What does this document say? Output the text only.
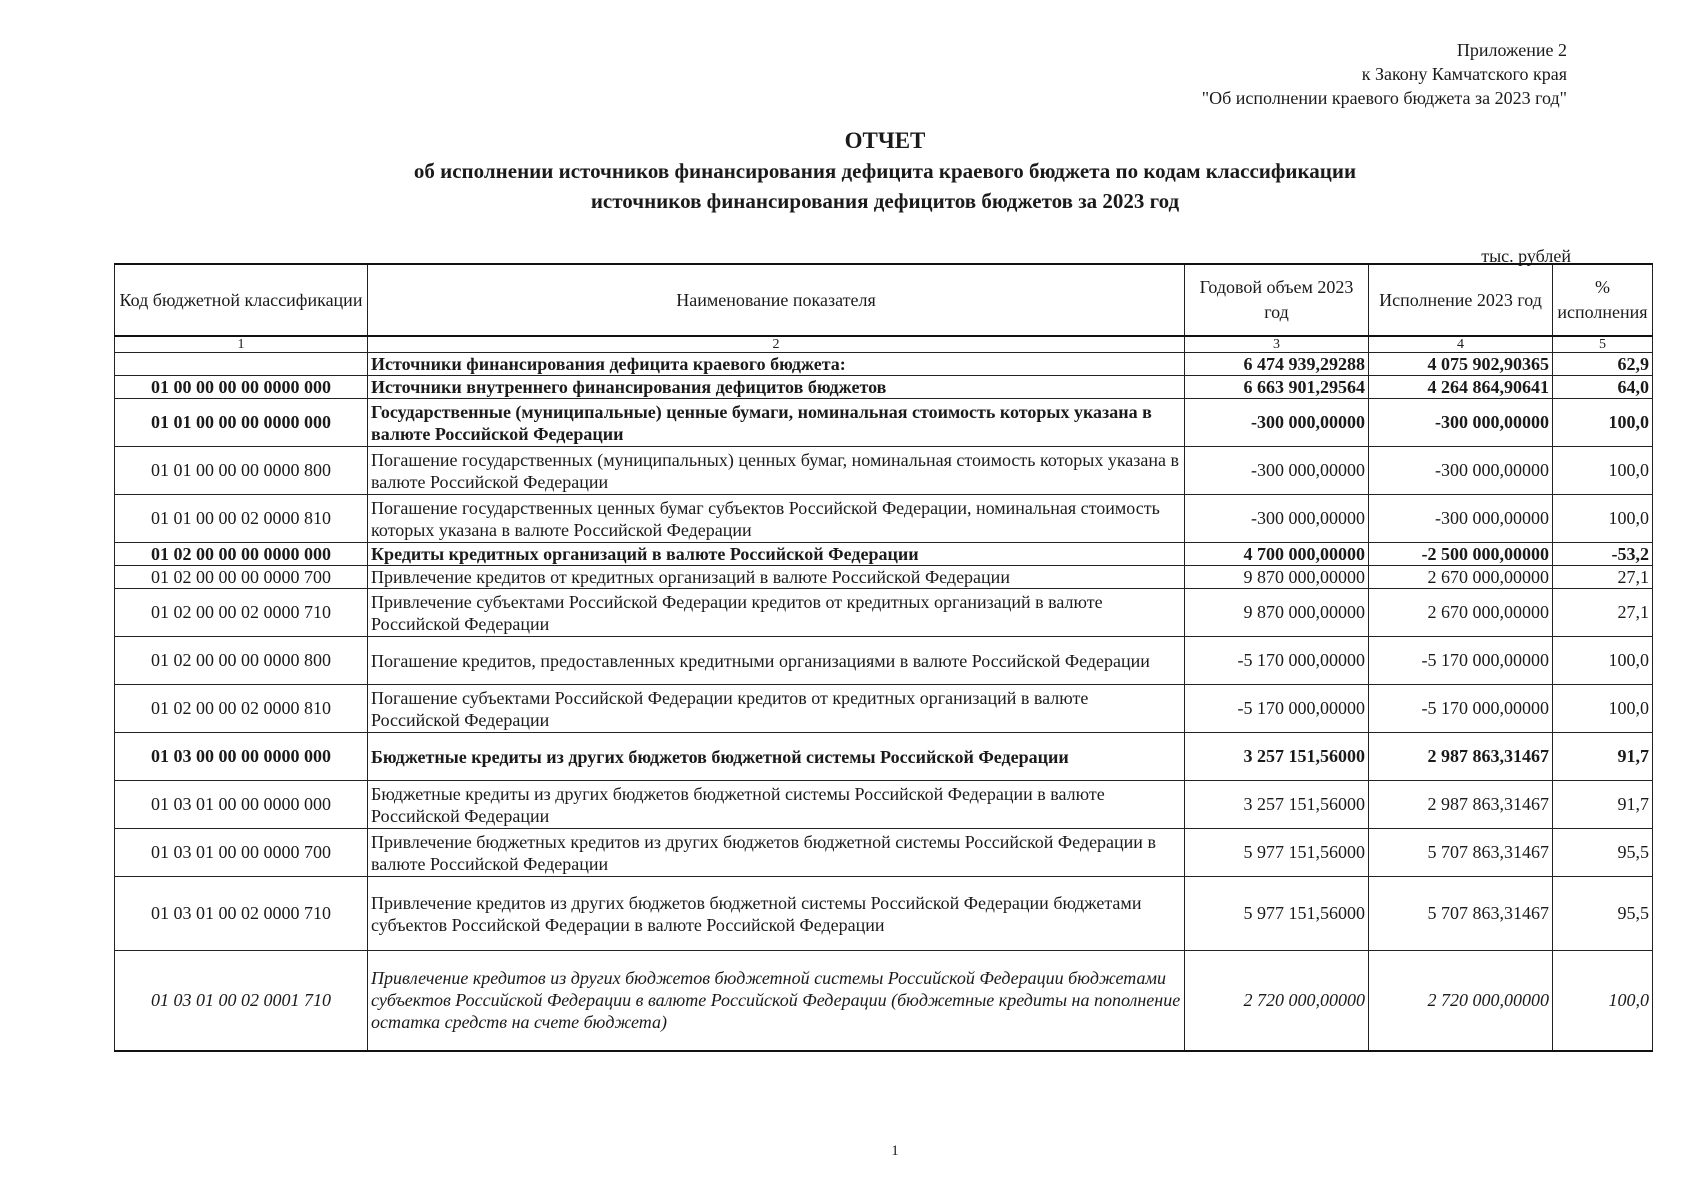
Приложение 2
к Закону Камчатского края
"Об исполнении краевого бюджета за 2023 год"
ОТЧЕТ
об исполнении источников финансирования дефицита краевого бюджета по кодам классификации
источников финансирования дефицитов бюджетов за 2023 год
тыс. рублей
Код бюджетной классификации	Наименование показателя	Годовой объем 2023 год	Исполнение 2023 год	% исполнения
1	2	3	4	5
	Источники финансирования дефицита краевого бюджета:	6 474 939,29288	4 075 902,90365	62,9
01 00 00 00 00 0000 000	Источники внутреннего финансирования дефицитов бюджетов	6 663 901,29564	4 264 864,90641	64,0
01 01 00 00 00 0000 000	Государственные (муниципальные) ценные бумаги, номинальная стоимость которых указана в валюте Российской Федерации	-300 000,00000	-300 000,00000	100,0
01 01 00 00 00 0000 800	Погашение государственных (муниципальных) ценных бумаг, номинальная стоимость которых указана в валюте Российской Федерации	-300 000,00000	-300 000,00000	100,0
01 01 00 00 02 0000 810	Погашение государственных ценных бумаг субъектов Российской Федерации, номинальная стоимость которых указана в валюте Российской Федерации	-300 000,00000	-300 000,00000	100,0
01 02 00 00 00 0000 000	Кредиты кредитных организаций в валюте Российской Федерации	4 700 000,00000	-2 500 000,00000	-53,2
01 02 00 00 00 0000 700	Привлечение кредитов от кредитных организаций в валюте Российской Федерации	9 870 000,00000	2 670 000,00000	27,1
01 02 00 00 02 0000 710	Привлечение субъектами Российской Федерации кредитов от кредитных организаций в валюте Российской Федерации	9 870 000,00000	2 670 000,00000	27,1
01 02 00 00 00 0000 800	Погашение кредитов, предоставленных кредитными организациями в валюте Российской Федерации	-5 170 000,00000	-5 170 000,00000	100,0
01 02 00 00 02 0000 810	Погашение субъектами Российской Федерации кредитов от кредитных организаций в валюте Российской Федерации	-5 170 000,00000	-5 170 000,00000	100,0
01 03 00 00 00 0000 000	Бюджетные кредиты из других бюджетов бюджетной системы Российской Федерации	3 257 151,56000	2 987 863,31467	91,7
01 03 01 00 00 0000 000	Бюджетные кредиты из других бюджетов бюджетной системы Российской Федерации в валюте Российской Федерации	3 257 151,56000	2 987 863,31467	91,7
01 03 01 00 00 0000 700	Привлечение бюджетных кредитов из других бюджетов бюджетной системы Российской Федерации в валюте Российской Федерации	5 977 151,56000	5 707 863,31467	95,5
01 03 01 00 02 0000 710	Привлечение кредитов из других бюджетов бюджетной системы Российской Федерации бюджетами субъектов Российской Федерации в валюте Российской Федерации	5 977 151,56000	5 707 863,31467	95,5
01 03 01 00 02 0001 710	Привлечение кредитов из других бюджетов бюджетной системы Российской Федерации бюджетами субъектов Российской Федерации в валюте Российской Федерации (бюджетные кредиты на пополнение остатка средств на счете бюджета)	2 720 000,00000	2 720 000,00000	100,0
1
